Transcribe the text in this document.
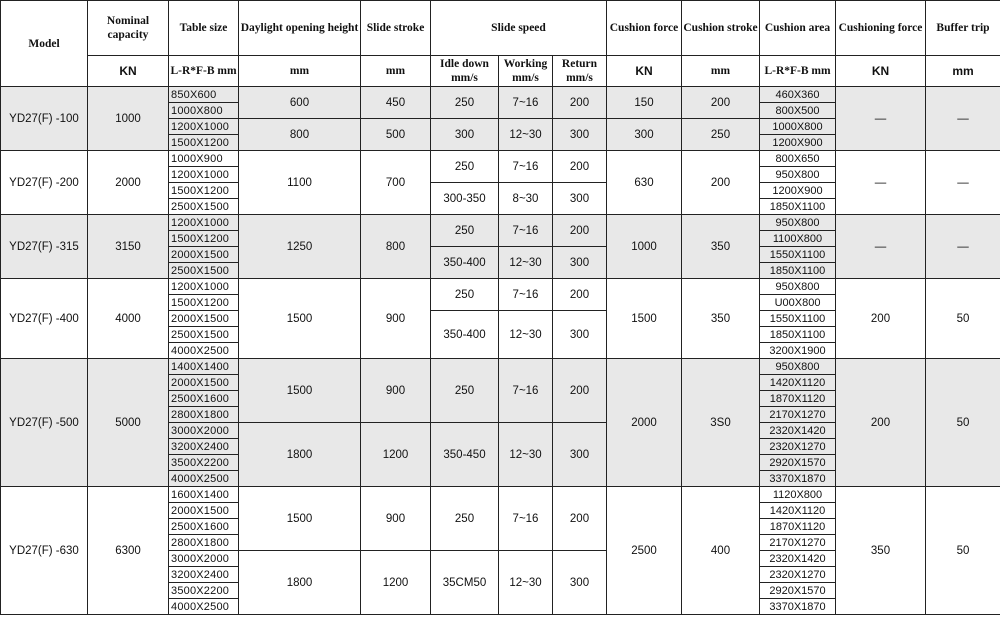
Model	Nominal capacity	Table size	Daylight opening height	Slide stroke	Slide speed			Cushion force	Cushion stroke	Cushion area	Cushioning force	Buffer trip
	KN	L-R*F-B mm	mm	mm	Idle down mm/s	Working mm/s	Return mm/s	KN	mm	L-R*F-B mm	KN	mm
YD27(F) -100	1000	850X600	600	450	250	7~16	200	150	200	460X360	—	—
		1000X800								800X500		
		1200X1000	800	500	300	12~30	300	300	250	1000X800		
		1500X1200								1200X900		
YD27(F) -200	2000	1000X900	1100	700	250	7~16	200	630	200	800X650	—	—
		1200X1000								950X800		
		1500X1200			300-350	8~30	300			1200X900		
		2500X1500								1850X1100		
YD27(F) -315	3150	1200X1000	1250	800	250	7~16	200	1000	350	950X800	—	—
		1500X1200								1100X800		
		2000X1500			350-400	12~30	300			1550X1100		
		2500X1500								1850X1100		
YD27(F) -400	4000	1200X1000	1500	900	250	7~16	200	1500	350	950X800	200	50
		1500X1200								U00X800		
		2000X1500			350-400	12~30	300			1550X1100		
		2500X1500								1850X1100		
		4000X2500								3200X1900		
YD27(F) -500	5000	1400X1400	1500	900	250	7~16	200	2000	3S0	950X800	200	50
		2000X1500								1420X1120		
		2500X1600								1870X1120		
		2800X1800								2170X1270		
		3000X2000	1800	1200	350-450	12~30	300			2320X1420		
		3200X2400								2320X1270		
		3500X2200								2920X1570		
		4000X2500								3370X1870		
YD27(F) -630	6300	1600X1400	1500	900	250	7~16	200	2500	400	1120X800	350	50
		2000X1500								1420X1120		
		2500X1600								1870X1120		
		2800X1800								2170X1270		
		3000X2000	1800	1200	35CM50	12~30	300			2320X1420		
		3200X2400								2320X1270		
		3500X2200								2920X1570		
		4000X2500								3370X1870		
